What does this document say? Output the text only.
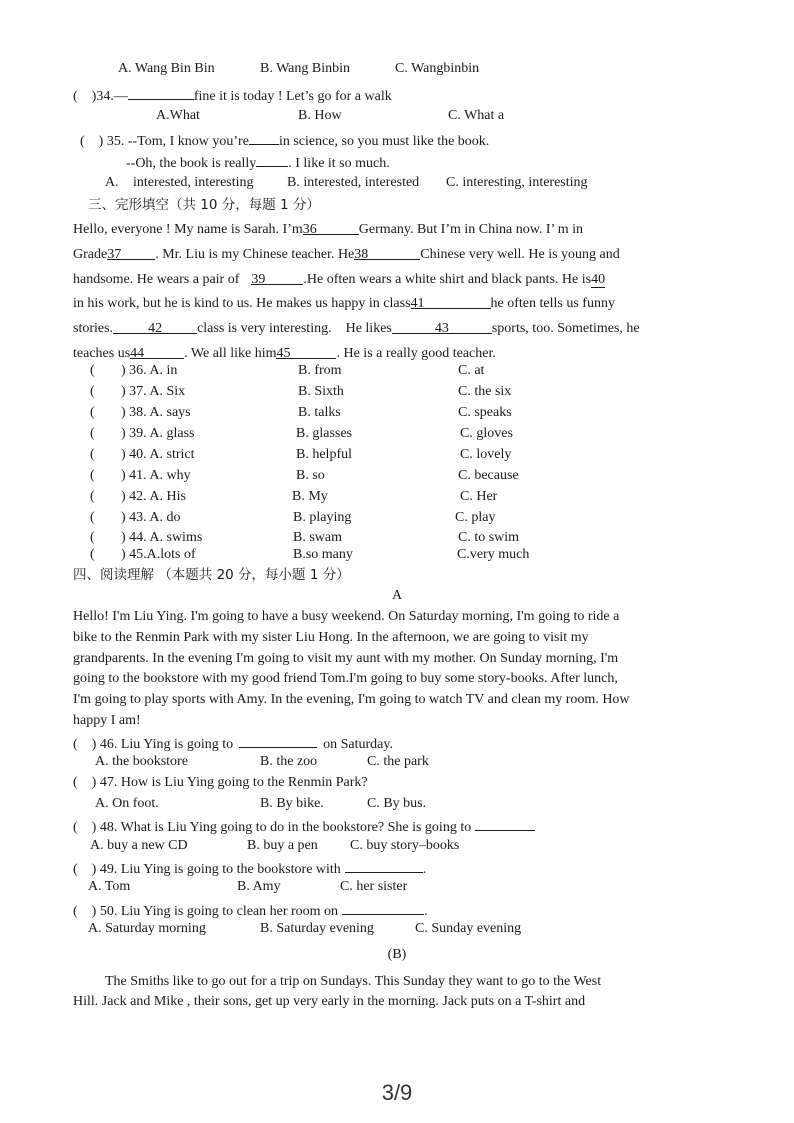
A. Wang Bin Bin	B. Wang Binbin	C. Wangbinbin
( )34.—	fine it is today ! Let’s go for a walk
A.What	B. How	C. What a
( ) 35. --Tom, I know you’re in science, so you must like the book.
--Oh, the book is really . I like it so much.
A. interested, interesting B. interested, interested C. interesting, interesting
三、完形填空（共 10 分，每题 1 分）
Hello, everyone ! My name is Sarah. I’m36	Germany. But I’m in China now. I’ m in
Grade37 . Mr. Liu is my Chinese teacher. He38	Chinese very well. He is young and
handsome. He wears a pair of 39	.He often wears a white shirt and black pants. He is40
in his work, but he is kind to us. He makes us happy in class41	he often tells us funny
stories.	42	class is very interesting. He likes	43	sports, too. Sometimes, he
teaches us44	. We all like him45	. He is a really good teacher.
( ) 36. A. in	B. from	C. at
( ) 37. A. Six	B. Sixth	C. the six
( ) 38. A. says	B. talks	C. speaks
( ) 39. A. glass	B. glasses	C. gloves
( ) 40. A. strict	B. helpful	C. lovely
( ) 41. A. why	B. so	C. because
( ) 42. A. His	B. My	C. Her
( ) 43. A. do	B. playing	C. play
( ) 44. A. swims	B. swam	C. to swim
( ) 45.A.lots of	B.so many	C.very much
四、阅读理解 （本题共 20 分，每小题 1 分）
A
Hello! I'm Liu Ying. I'm going to have a busy weekend. On Saturday morning, I'm going to ride a
bike to the Renmin Park with my sister Liu Hong. In the afternoon, we are going to visit my
grandparents. In the evening I'm going to visit my aunt with my mother. On Sunday morning, I'm
going to the bookstore with my good friend Tom.I'm going to buy some story-books. After lunch,
I'm going to play sports with Amy. In the evening, I'm going to watch TV and clean my room. How
happy I am!
( ) 46. Liu Ying is going to	on Saturday.
A. the bookstore	B. the zoo	C. the park
( ) 47. How is Liu Ying going to the Renmin Park?
A. On foot.	B. By bike.	C. By bus.
( ) 48. What is Liu Ying going to do in the bookstore? She is going to
A. buy a new CD	B. buy a pen C. buy story–books
( ) 49. Liu Ying is going to the bookstore with	.
A. Tom	B. Amy	C. her sister
( ) 50. Liu Ying is going to clean her room on	.
A. Saturday morning	B. Saturday evening	C. Sunday evening
(B)
The Smiths like to go out for a trip on Sundays. This Sunday they want to go to the West
Hill. Jack and Mike , their sons, get up very early in the morning. Jack puts on a T-shirt and
3/9
